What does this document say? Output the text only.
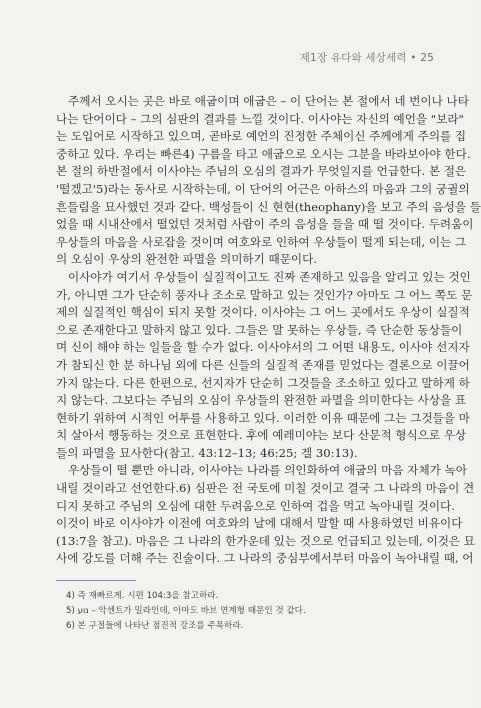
제1장 유다와 세상세력 • 25
주께서 오시는 곳은 바로 애굽이며 애굽은 – 이 단어는 본 절에서 네 번이나 나타
나는 단어이다 – 그의 심판의 결과를 느낄 것이다. 이사야는 자신의 예언을 "보라"
는 도입어로 시작하고 있으며, 곧바로 예언의 진정한 주체이신 주께에게 주의를 집
중하고 있다. 우리는 빠른4) 구름을 타고 애굽으로 오시는 그분을 바라보아야 한다.
본 절의 하반절에서 이사야는 주님의 오심의 결과가 무엇일지를 언급한다. 본 절은
'떨겠고'5)라는 동사로 시작하는데, 이 단어의 어근은 아하스의 마음과 그의 궁궐의
흔들림을 묘사했던 것과 같다. 백성들이 신 현현(theophany)을 보고 주의 음성을 들
었을 때 시내산에서 떨었던 것처럼 사람이 주의 음성을 들을 때 떨 것이다. 두려움이
우상들의 마음을 사로잡을 것이며 여호와로 인하여 우상들이 떨게 되는데, 이는 그
의 오심이 우상의 완전한 파멸을 의미하기 때문이다.
이사야가 여기서 우상들이 실질적이고도 진짜 존재하고 있음을 알리고 있는 것인
가, 아니면 그가 단순히 풍자나 조소로 말하고 있는 것인가? 아마도 그 어느 쪽도 문
제의 실질적인 핵심이 되지 못할 것이다. 이사야는 그 어느 곳에서도 우상이 실질적
으로 존재한다고 말하지 않고 있다. 그들은 말 못하는 우상들, 즉 단순한 동상들이
며 신이 해야 하는 일들을 할 수가 없다. 이사야서의 그 어떤 내용도, 이사야 선지자
가 참되신 한 분 하나님 외에 다른 신들의 실질적 존재를 믿었다는 결론으로 이끌어
가지 않는다. 다른 한편으로, 선지자가 단순히 그것들을 조소하고 있다고 말하게 하
지 않는다. 그보다는 주님의 오심이 우상들의 완전한 파멸을 의미한다는 사상을 표
현하기 위하여 시적인 어투를 사용하고 있다. 이러한 이유 때문에 그는 그것들을 마
치 살아서 행동하는 것으로 표현한다. 후에 예레미야는 보다 산문적 형식으로 우상
들의 파멸을 묘사한다(참고. 43:12–13; 46:25; 겔 30:13).
우상들이 떨 뿐만 아니라, 이사야는 나라를 의인화하여 애굽의 마음 자체가 녹아
내릴 것이라고 선언한다.6) 심판은 전 국토에 미칠 것이고 결국 그 나라의 마음이 견
디지 못하고 주님의 오심에 대한 두려움으로 인하여 겁을 먹고 녹아내릴 것이다.
이것이 바로 이사야가 이전에 여호와의 날에 대해서 말할 때 사용하였던 비유이다
(13:7을 참고). 마음은 그 나라의 한가운데 있는 것으로 언급되고 있는데, 이것은 묘
사에 강도를 더해 주는 진술이다. 그 나라의 중심부에서부터 마음이 녹아내릴 때, 어
4) 즉 재빠르게. 시편 104:3을 참고하라.
5) ‏נוע – 악센트가 밀라인데, 아마도 바브 연계형 때문인 것 같다.
6) 본 구절들에 나타난 점진적 강조를 주목하라.
